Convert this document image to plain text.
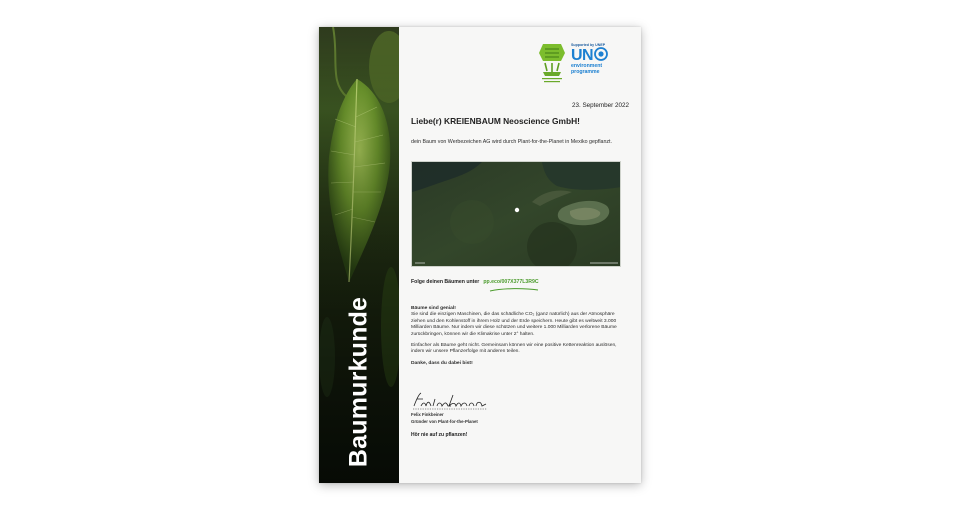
Baumurkunde
Supported by UNEP
UN
environment
programme
23. September 2022
Liebe(r) KREIENBAUM Neoscience GmbH!
dein Baum von Werbezeichen AG wird durch Plant-for-the-Planet in Mexiko gepflanzt.
Folge deinen Bäumen unter pp.eco/007X377L3R9C

Bäume sind genial!
Sie sind die einzigen Maschinen, die das schädliche CO₂ (ganz natürlich) aus der Atmosphäre ziehen und den Kohlenstoff in ihrem Holz und der Erde speichern. Heute gibt es weltweit 3.000 Milliarden Bäume. Nur indem wir diese schützen und weitere 1.000 Milliarden verlorene Bäume zurückbringen, können wir die Klimakrise unter 2° halten.

Einfacher als Bäume geht nicht. Gemeinsam können wir eine positive Kettenreaktion auslösen, indem wir unsere Pflanzerfolge mit anderen teilen.

Danke, dass du dabei bist!

Felix Finkbeiner
Gründer von Plant-for-the-Planet
Hör nie auf zu pflanzen!
